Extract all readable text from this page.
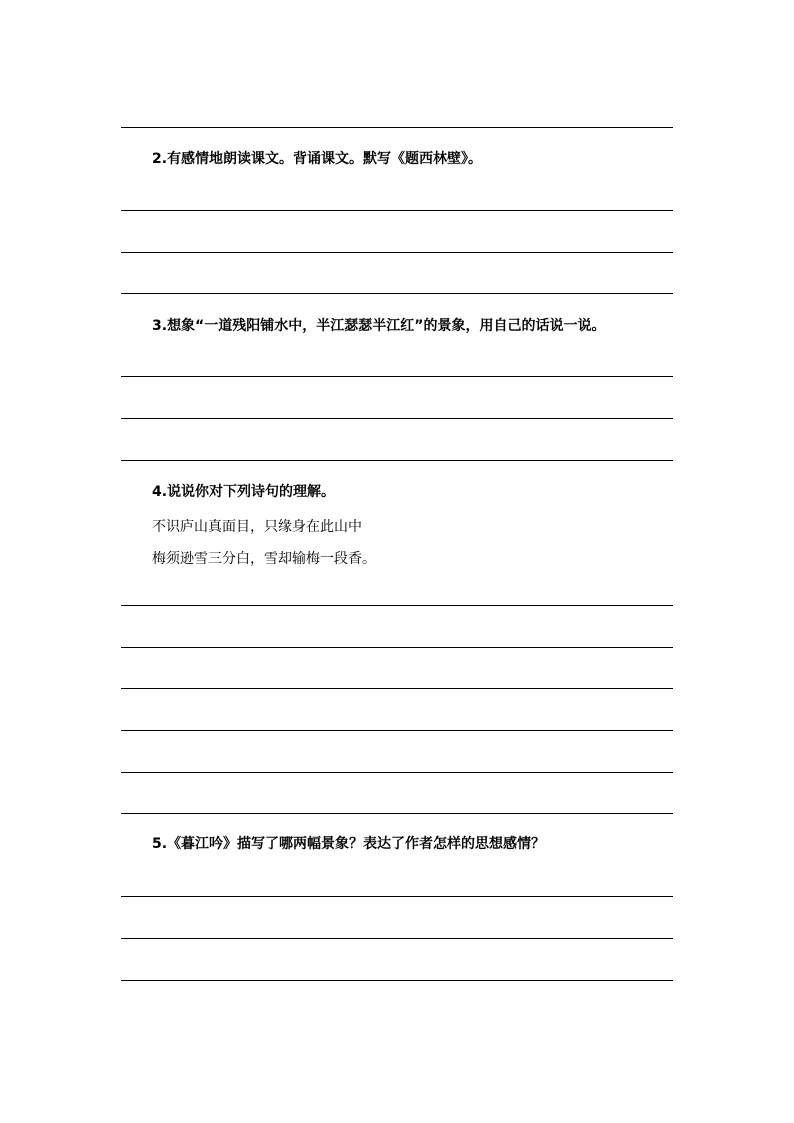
2.有感情地朗读课文。背诵课文。默写《题西林壁》。
3.想象“一道残阳铺水中，半江瑟瑟半江红”的景象，用自己的话说一说。
4.说说你对下列诗句的理解。
不识庐山真面目，只缘身在此山中
梅须逊雪三分白，雪却输梅一段香。
5.《暮江吟》描写了哪两幅景象？表达了作者怎样的思想感情？
